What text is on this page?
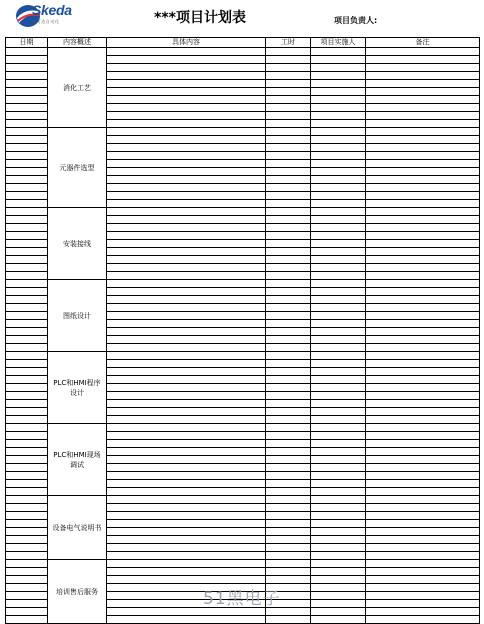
Skeda
斯可达自动化	***项目计划表	项目负责人:
日期	内容概述	具体内容	工时	项目实施人	备注
	消化工艺				

	元器件选型				

	安装接线				

	图纸设计				

	PLC和HMI程序设计				

	PLC和HMI现场调试				

	设备电气说明书				

	培训售后服务				

					51黑电子
